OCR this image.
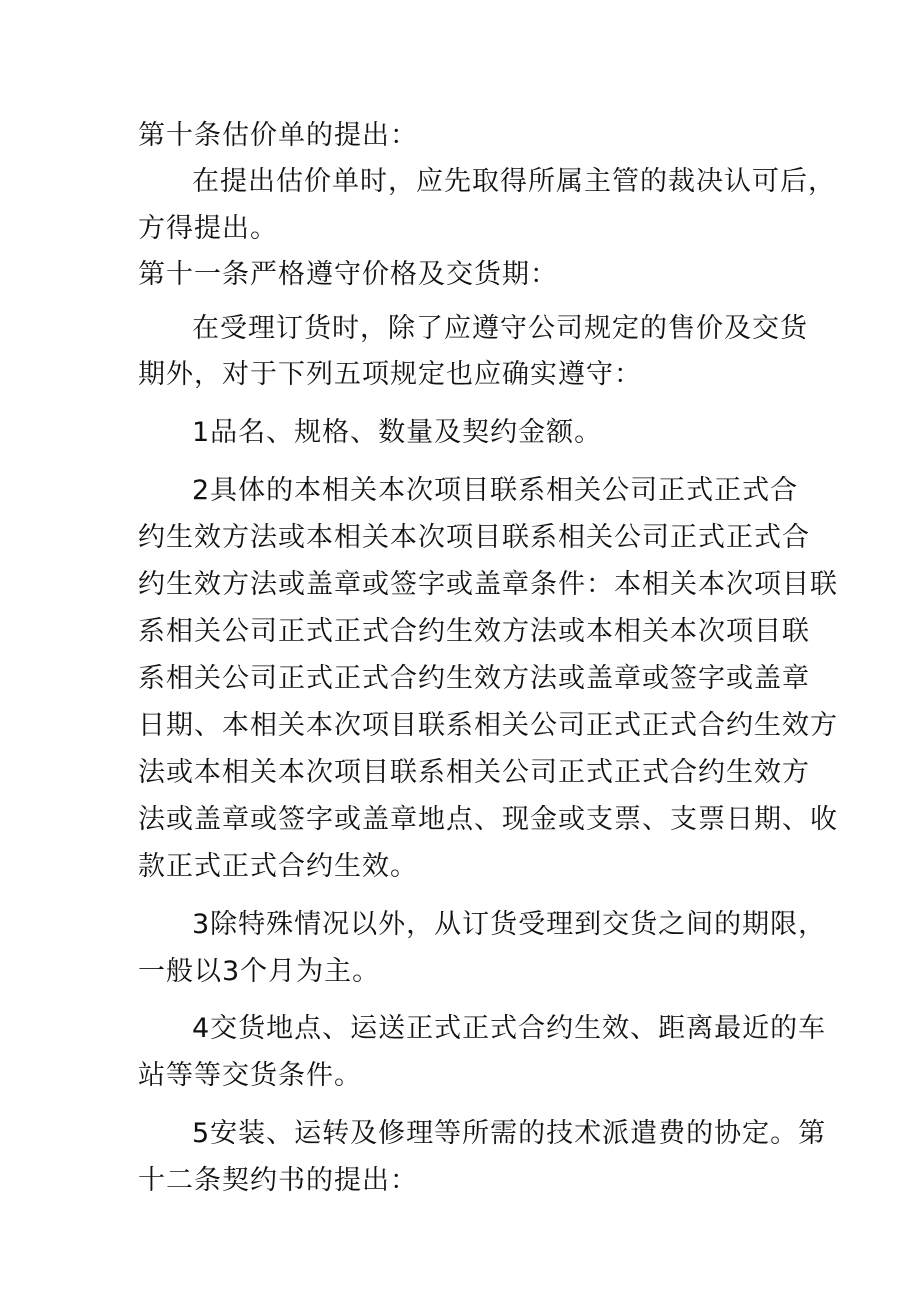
第十条估价单的提出：
在提出估价单时，应先取得所属主管的裁决认可后，
方得提出。
第十一条严格遵守价格及交货期：
在受理订货时，除了应遵守公司规定的售价及交货
期外，对于下列五项规定也应确实遵守：
1品名、规格、数量及契约金额。
2具体的本相关本次项目联系相关公司正式正式合
约生效方法或本相关本次项目联系相关公司正式正式合
约生效方法或盖章或签字或盖章条件：本相关本次项目联
系相关公司正式正式合约生效方法或本相关本次项目联
系相关公司正式正式合约生效方法或盖章或签字或盖章
日期、本相关本次项目联系相关公司正式正式合约生效方
法或本相关本次项目联系相关公司正式正式合约生效方
法或盖章或签字或盖章地点、现金或支票、支票日期、收
款正式正式合约生效。
3除特殊情况以外，从订货受理到交货之间的期限，
一般以3个月为主。
4交货地点、运送正式正式合约生效、距离最近的车
站等等交货条件。
5安装、运转及修理等所需的技术派遣费的协定。第
十二条契约书的提出：
